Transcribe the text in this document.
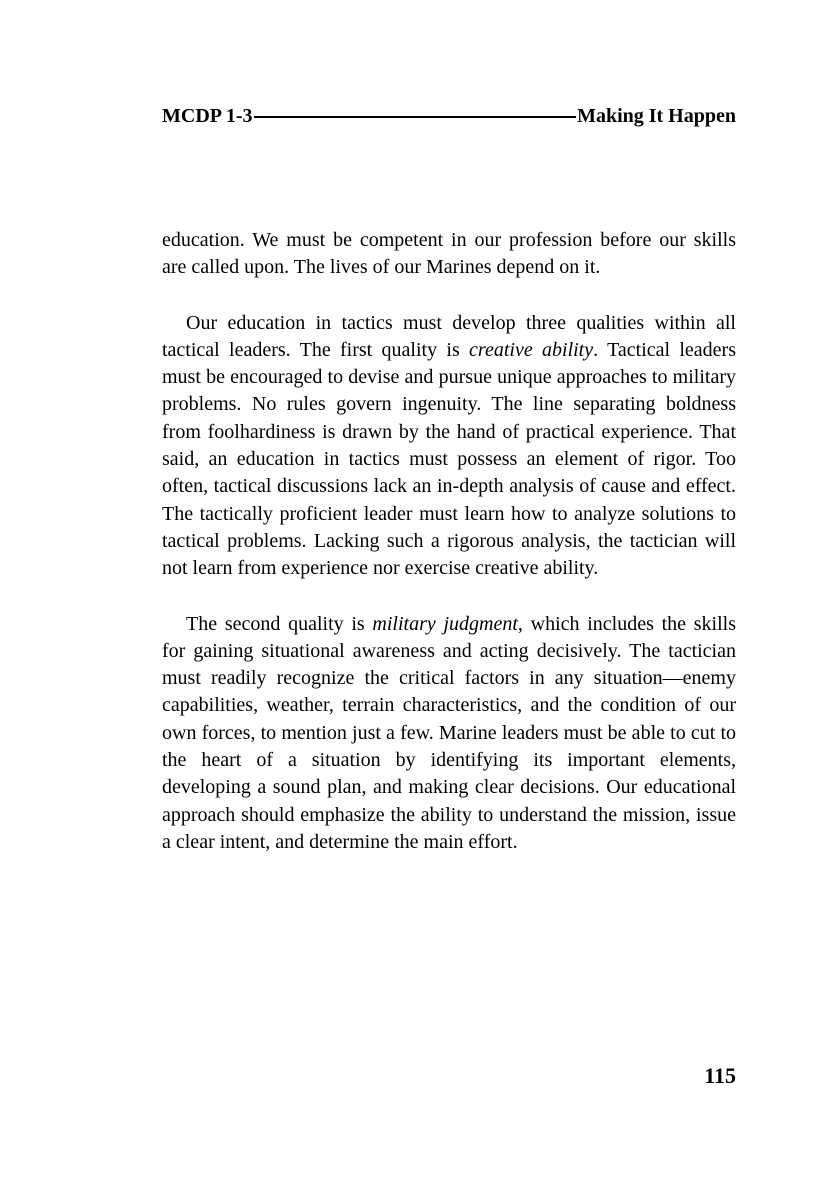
MCDP 1-3	Making It Happen

education. We must be competent in our profession before our skills are called upon. The lives of our Marines depend on it.

Our education in tactics must develop three qualities within all tactical leaders. The first quality is creative ability. Tactical leaders must be encouraged to devise and pursue unique approaches to military problems. No rules govern ingenuity. The line separating boldness from foolhardiness is drawn by the hand of practical experience. That said, an education in tactics must possess an element of rigor. Too often, tactical discussions lack an in-depth analysis of cause and effect. The tactically proficient leader must learn how to analyze solutions to tactical problems. Lacking such a rigorous analysis, the tactician will not learn from experience nor exercise creative ability.

The second quality is military judgment, which includes the skills for gaining situational awareness and acting decisively. The tactician must readily recognize the critical factors in any situation—enemy capabilities, weather, terrain characteristics, and the condition of our own forces, to mention just a few. Marine leaders must be able to cut to the heart of a situation by identifying its important elements, developing a sound plan, and making clear decisions. Our educational approach should emphasize the ability to understand the mission, issue a clear intent, and determine the main effort.

115
